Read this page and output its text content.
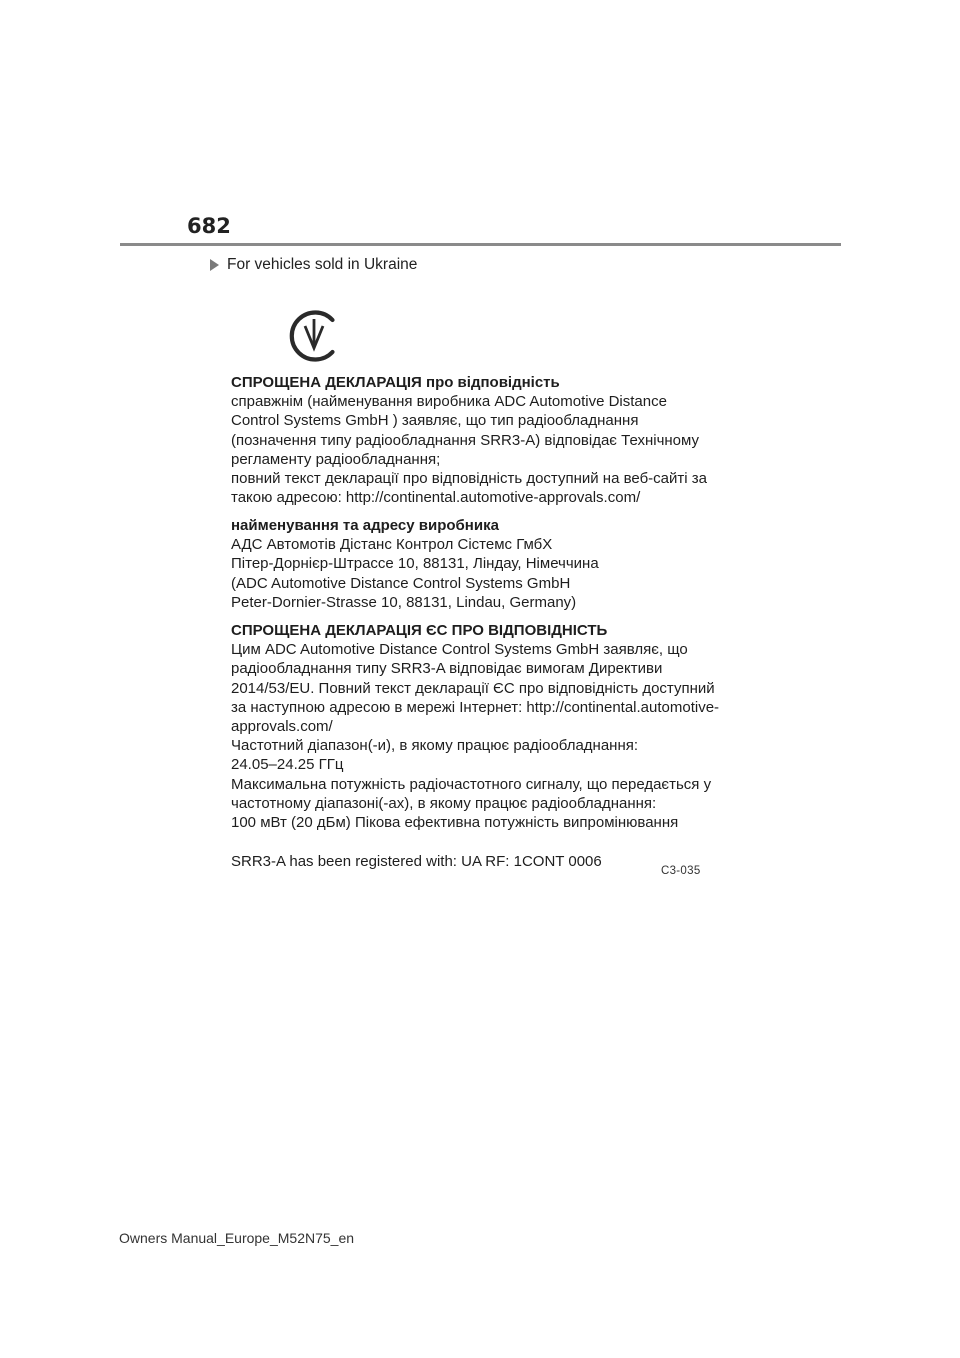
682
For vehicles sold in Ukraine

СПРОЩЕНА ДЕКЛАРАЦІЯ про відповідність

справжнім (найменування виробника ADC Automotive Distance

Control Systems GmbH ) заявляє, що тип радіообладнання

(позначення типу радіообладнання SRR3-A) відповідає Технічному

регламенту радіообладнання;

повний текст декларації про відповідність доступний на веб-сайті за

такою адресою: http://continental.automotive-approvals.com/

найменування та адресу виробника

АДС Автомотів Дістанс Контрол Сістемс ГмбХ

Пітер-Дорнієр-Штрассе 10, 88131, Ліндау, Німеччина

(ADC Automotive Distance Control Systems GmbH

Peter-Dornier-Strasse 10, 88131, Lindau, Germany)

СПРОЩЕНА ДЕКЛАРАЦІЯ ЄС ПРО ВІДПОВІДНІСТЬ

Цим ADC Automotive Distance Control Systems GmbH заявляє, що

радіообладнання типу SRR3-A відповідає вимогам Директиви

2014/53/EU. Повний текст декларації ЄС про відповідність доступний

за наступною адресою в мережі Інтернет: http://continental.automotive-

approvals.com/

Частотний діапазон(-и), в якому працює радіообладнання:

24.05–24.25 ГГц

Максимальна потужність радіочастотного сигналу, що передається у

частотному діапазоні(-ах), в якому працює радіообладнання:

100 мВт (20 дБм) Пікова ефективна потужність випромінювання

SRR3-A has been registered with: UA RF: 1CONT 0006

C3-035
Owners Manual_Europe_M52N75_en
